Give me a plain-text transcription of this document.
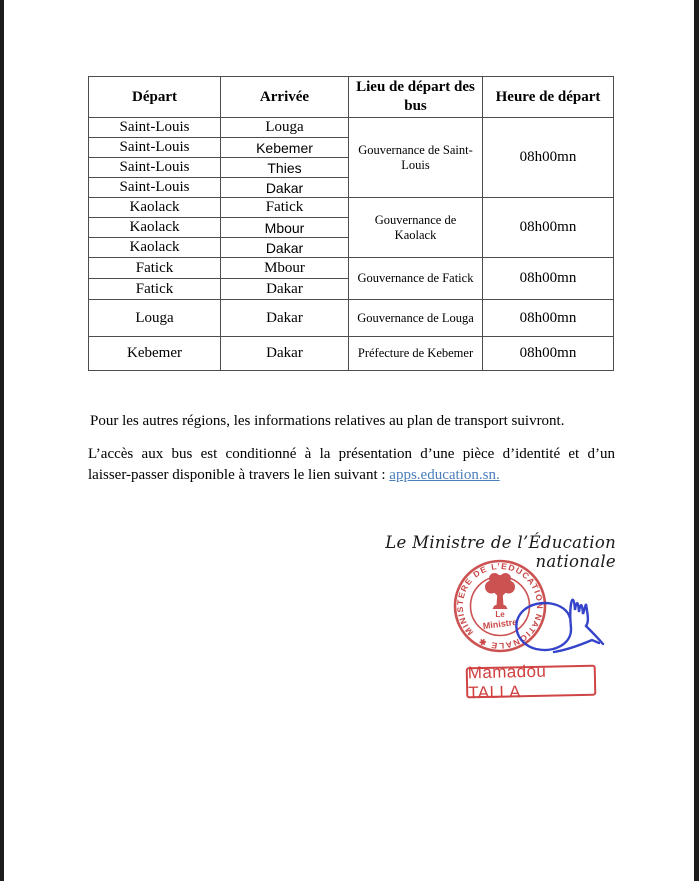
Départ	Arrivée	Lieu de départ des bus	Heure de départ
Saint-Louis	Louga	Gouvernance de Saint-Louis	08h00mn
Saint-Louis	Kebemer		
Saint-Louis	Thies		
Saint-Louis	Dakar		
Kaolack	Fatick	Gouvernance de Kaolack	08h00mn
Kaolack	Mbour		
Kaolack	Dakar		
Fatick	Mbour	Gouvernance de Fatick	08h00mn
Fatick	Dakar		
Louga	Dakar	Gouvernance de Louga	08h00mn
Kebemer	Dakar	Préfecture de Kebemer	08h00mn
Pour les autres régions, les informations relatives au plan de transport suivront.
L’accès aux bus est conditionné à la présentation d’une pièce d’identité et d’un
laisser-passer disponible à travers le lien suivant : apps.education.sn.
Le Ministre de l’Éducation nationale
MINISTERE DE L’EDUCATION NATIONALE ✱
Le
Ministre
Mamadou TALLA
